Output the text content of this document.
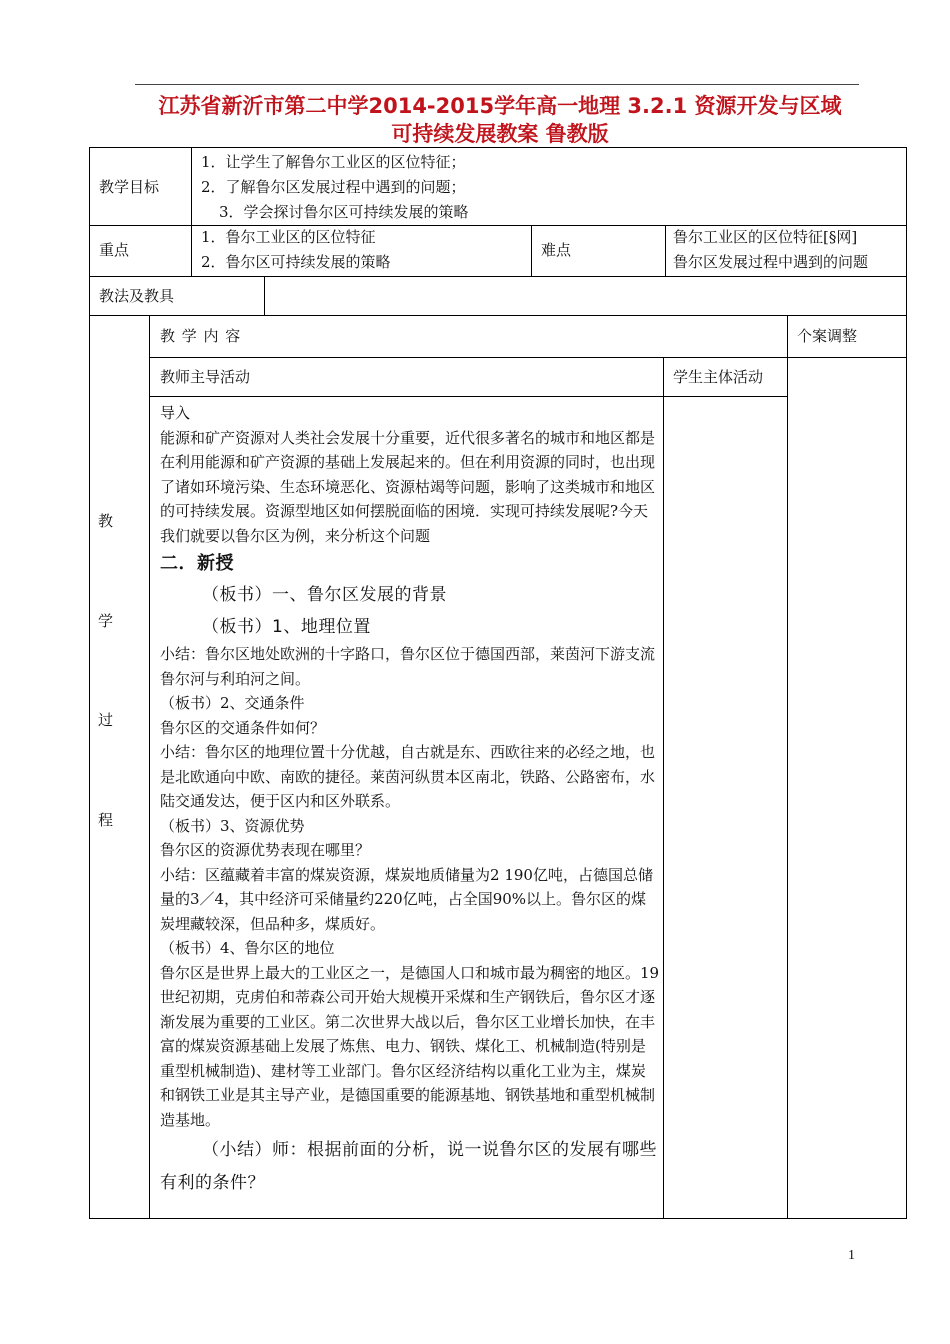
江苏省新沂市第二中学2014-2015学年高一地理 3.2.1 资源开发与区域
可持续发展教案 鲁教版
教学目标
1．让学生了解鲁尔工业区的区位特征；
2．了解鲁尔区发展过程中遇到的问题；
3．学会探讨鲁尔区可持续发展的策略
重点
1．鲁尔工业区的区位特征
2．鲁尔区可持续发展的策略
难点
鲁尔工业区的区位特征[§网]
鲁尔区发展过程中遇到的问题
教法及教具
教
学
过
程
教 学 内 容	个案调整
教师主导活动	学生主体活动

导入

能源和矿产资源对人类社会发展十分重要，近代很多著名的城市和地区都是在利用能源和矿产资源的基础上发展起来的。但在利用资源的同时，也出现了诸如环境污染、生态环境恶化、资源枯竭等问题，影响了这类城市和地区的可持续发展。资源型地区如何摆脱面临的困境．实现可持续发展呢?今天我们就要以鲁尔区为例，来分析这个问题

二．新授

（板书）一、鲁尔区发展的背景

（板书）1、地理位置

小结：鲁尔区地处欧洲的十字路口，鲁尔区位于德国西部，莱茵河下游支流鲁尔河与利珀河之间。

（板书）2、交通条件

鲁尔区的交通条件如何？

小结：鲁尔区的地理位置十分优越，自古就是东、西欧往来的必经之地，也是北欧通向中欧、南欧的捷径。莱茵河纵贯本区南北，铁路、公路密布，水陆交通发达，便于区内和区外联系。

（板书）3、资源优势

鲁尔区的资源优势表现在哪里？

小结：区蕴藏着丰富的煤炭资源，煤炭地质储量为2 190亿吨，占德国总储量的3／4，其中经济可采储量约220亿吨，占全国90%以上。鲁尔区的煤炭埋藏较深，但品种多，煤质好。

（板书）4、鲁尔区的地位

鲁尔区是世界上最大的工业区之一，是德国人口和城市最为稠密的地区。19世纪初期，克虏伯和蒂森公司开始大规模开采煤和生产钢铁后，鲁尔区才逐渐发展为重要的工业区。第二次世界大战以后，鲁尔区工业增长加快，在丰富的煤炭资源基础上发展了炼焦、电力、钢铁、煤化工、机械制造(特别是重型机械制造)、建材等工业部门。鲁尔区经济结构以重化工业为主，煤炭和钢铁工业是其主导产业，是德国重要的能源基地、钢铁基地和重型机械制造基地。

（小结）师：根据前面的分析，说一说鲁尔区的发展有哪些有利的条件？

1
